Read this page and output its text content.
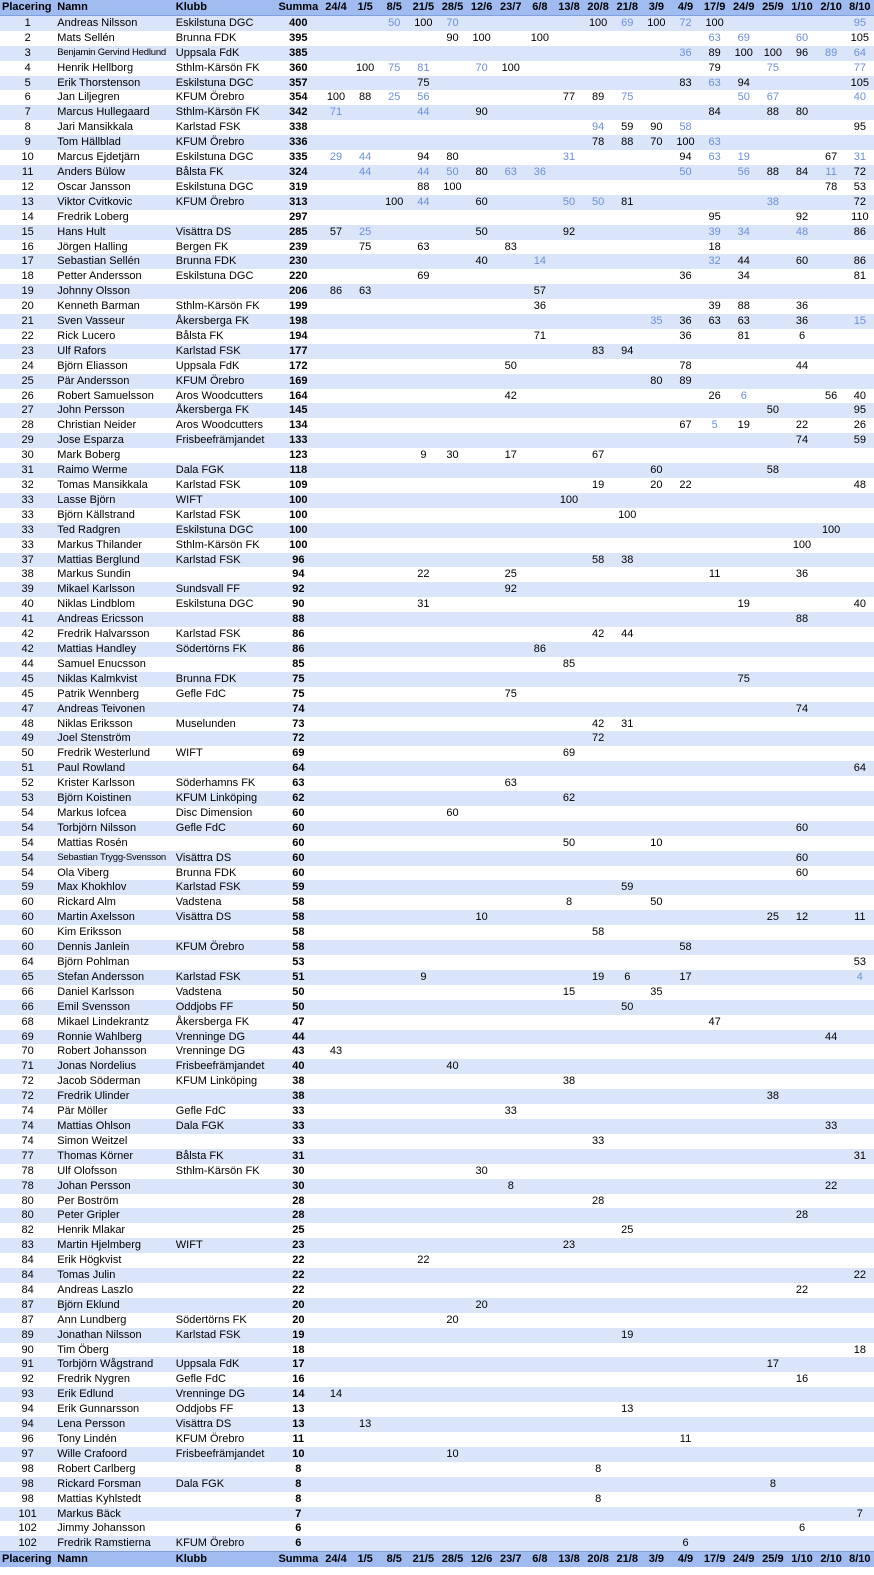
Placering	Namn	Klubb	Summa	24/4	1/5	8/5	21/5	28/5	12/6	23/7	6/8	13/8	20/8	21/8	3/9	4/9	17/9	24/9	25/9	1/10	2/10	8/10
1	Andreas Nilsson	Eskilstuna DGC	400			50	100	70					100	69	100	72	100					95
2	Mats Sellén	Brunna FDK	395					90	100		100						63	69		60		105
3	Benjamin Gervind Hedlund	Uppsala FdK	385													36	89	100	100	96	89	64
4	Henrik Hellborg	Sthlm-Kärsön FK	360		100	75	81		70	100							79		75			77
5	Erik Thorstenson	Eskilstuna DGC	357				75									83	63	94				105
6	Jan Liljegren	KFUM Örebro	354	100	88	25	56					77	89	75				50	67			40
7	Marcus Hullegaard	Sthlm-Kärsön FK	342	71			44		90								84		88	80		
8	Jari Mansikkala	Karlstad FSK	338										94	59	90	58						95
9	Tom Hällblad	KFUM Örebro	336										78	88	70	100	63					
10	Marcus Ejdetjärn	Eskilstuna DGC	335	29	44		94	80				31				94	63	19			67	31
11	Anders Bülow	Bålsta FK	324		44		44	50	80	63	36					50		56	88	84	11	72
12	Oscar Jansson	Eskilstuna DGC	319				88	100													78	53
13	Viktor Cvitkovic	KFUM Örebro	313			100	44		60			50	50	81					38			72
14	Fredrik Loberg		297														95			92		110
15	Hans Hult	Visättra DS	285	57	25				50			92					39	34		48		86
16	Jörgen Halling	Bergen FK	239		75		63			83							18					
17	Sebastian Sellén	Brunna FDK	230						40		14						32	44		60		86
18	Petter Andersson	Eskilstuna DGC	220				69									36		34				81
19	Johnny Olsson		206	86	63						57											
20	Kenneth Barman	Sthlm-Kärsön FK	199								36						39	88		36		
21	Sven Vasseur	Åkersberga FK	198												35	36	63	63		36		15
22	Rick Lucero	Bålsta FK	194								71					36		81		6		
23	Ulf Rafors	Karlstad FSK	177										83	94								
24	Björn Eliasson	Uppsala FdK	172							50						78				44		
25	Pär Andersson	KFUM Örebro	169												80	89						
26	Robert Samuelsson	Aros Woodcutters	164							42							26	6			56	40
27	John Persson	Åkersberga FK	145																50			95
28	Christian Neider	Aros Woodcutters	134													67	5	19		22		26
29	Jose Esparza	Frisbeefrämjandet	133																	74		59
30	Mark Boberg		123				9	30		17			67									
31	Raimo Werme	Dala FGK	118												60				58			
32	Tomas Mansikkala	Karlstad FSK	109										19		20	22						48
33	Lasse Björn	WIFT	100									100										
33	Björn Källstrand	Karlstad FSK	100											100								
33	Ted Radgren	Eskilstuna DGC	100																		100	
33	Markus Thilander	Sthlm-Kärsön FK	100																	100		
37	Mattias Berglund	Karlstad FSK	96										58	38								
38	Markus Sundin		94				22			25							11			36		
39	Mikael Karlsson	Sundsvall FF	92							92												
40	Niklas Lindblom	Eskilstuna DGC	90				31											19				40
41	Andreas Ericsson		88																	88		
42	Fredrik Halvarsson	Karlstad FSK	86										42	44								
42	Mattias Handley	Södertörns FK	86								86											
44	Samuel Enucsson		85									85										
45	Niklas Kalmkvist	Brunna FDK	75															75				
45	Patrik Wennberg	Gefle FdC	75							75												
47	Andreas Teivonen		74																	74		
48	Niklas Eriksson	Muselunden	73										42	31								
49	Joel Stenström		72										72									
50	Fredrik Westerlund	WIFT	69									69										
51	Paul Rowland		64																			64
52	Krister Karlsson	Söderhamns FK	63							63												
53	Björn Koistinen	KFUM Linköping	62									62										
54	Markus Iofcea	Disc Dimension	60					60														
54	Torbjörn Nilsson	Gefle FdC	60																	60		
54	Mattias Rosén		60									50			10							
54	Sebastian Trygg-Svensson	Visättra DS	60																	60		
54	Ola Viberg	Brunna FDK	60																	60		
59	Max Khokhlov	Karlstad FSK	59											59								
60	Rickard Alm	Vadstena	58									8			50							
60	Martin Axelsson	Visättra DS	58						10										25	12		11
60	Kim Eriksson		58										58									
60	Dennis Janlein	KFUM Örebro	58													58						
64	Björn Pohlman		53																			53
65	Stefan Andersson	Karlstad FSK	51				9						19	6		17						4
66	Daniel Karlsson	Vadstena	50									15			35							
66	Emil Svensson	Oddjobs FF	50											50								
68	Mikael Lindekrantz	Åkersberga FK	47														47					
69	Ronnie Wahlberg	Vrenninge DG	44																		44	
70	Robert Johansson	Vrenninge DG	43	43																		
71	Jonas Nordelius	Frisbeefrämjandet	40					40														
72	Jacob Söderman	KFUM Linköping	38									38										
72	Fredrik Ulinder		38																38			
74	Pär Möller	Gefle FdC	33							33												
74	Mattias Ohlson	Dala FGK	33																		33	
74	Simon Weitzel		33										33									
77	Thomas Körner	Bålsta FK	31																			31
78	Ulf Olofsson	Sthlm-Kärsön FK	30						30													
78	Johan Persson		30							8											22	
80	Per Boström		28										28									
80	Peter Gripler		28																	28		
82	Henrik Mlakar		25											25								
83	Martin Hjelmberg	WIFT	23									23										
84	Erik Högkvist		22				22															
84	Tomas Julin		22																			22
84	Andreas Laszlo		22																	22		
87	Björn Eklund		20						20													
87	Ann Lundberg	Södertörns FK	20					20														
89	Jonathan Nilsson	Karlstad FSK	19											19								
90	Tim Öberg		18																			18
91	Torbjörn Wågstrand	Uppsala FdK	17																17			
92	Fredrik Nygren	Gefle FdC	16																	16		
93	Erik Edlund	Vrenninge DG	14	14																		
94	Erik Gunnarsson	Oddjobs FF	13											13								
94	Lena Persson	Visättra DS	13		13																	
96	Tony Lindén	KFUM Örebro	11													11						
97	Wille Crafoord	Frisbeefrämjandet	10					10														
98	Robert Carlberg		8										8									
98	Rickard Forsman	Dala FGK	8																8			
98	Mattias Kyhlstedt		8										8									
101	Markus Bäck		7																			7
102	Jimmy Johansson		6																	6		
102	Fredrik Ramstierna	KFUM Örebro	6													6						
Placering	Namn	Klubb	Summa	24/4	1/5	8/5	21/5	28/5	12/6	23/7	6/8	13/8	20/8	21/8	3/9	4/9	17/9	24/9	25/9	1/10	2/10	8/10
